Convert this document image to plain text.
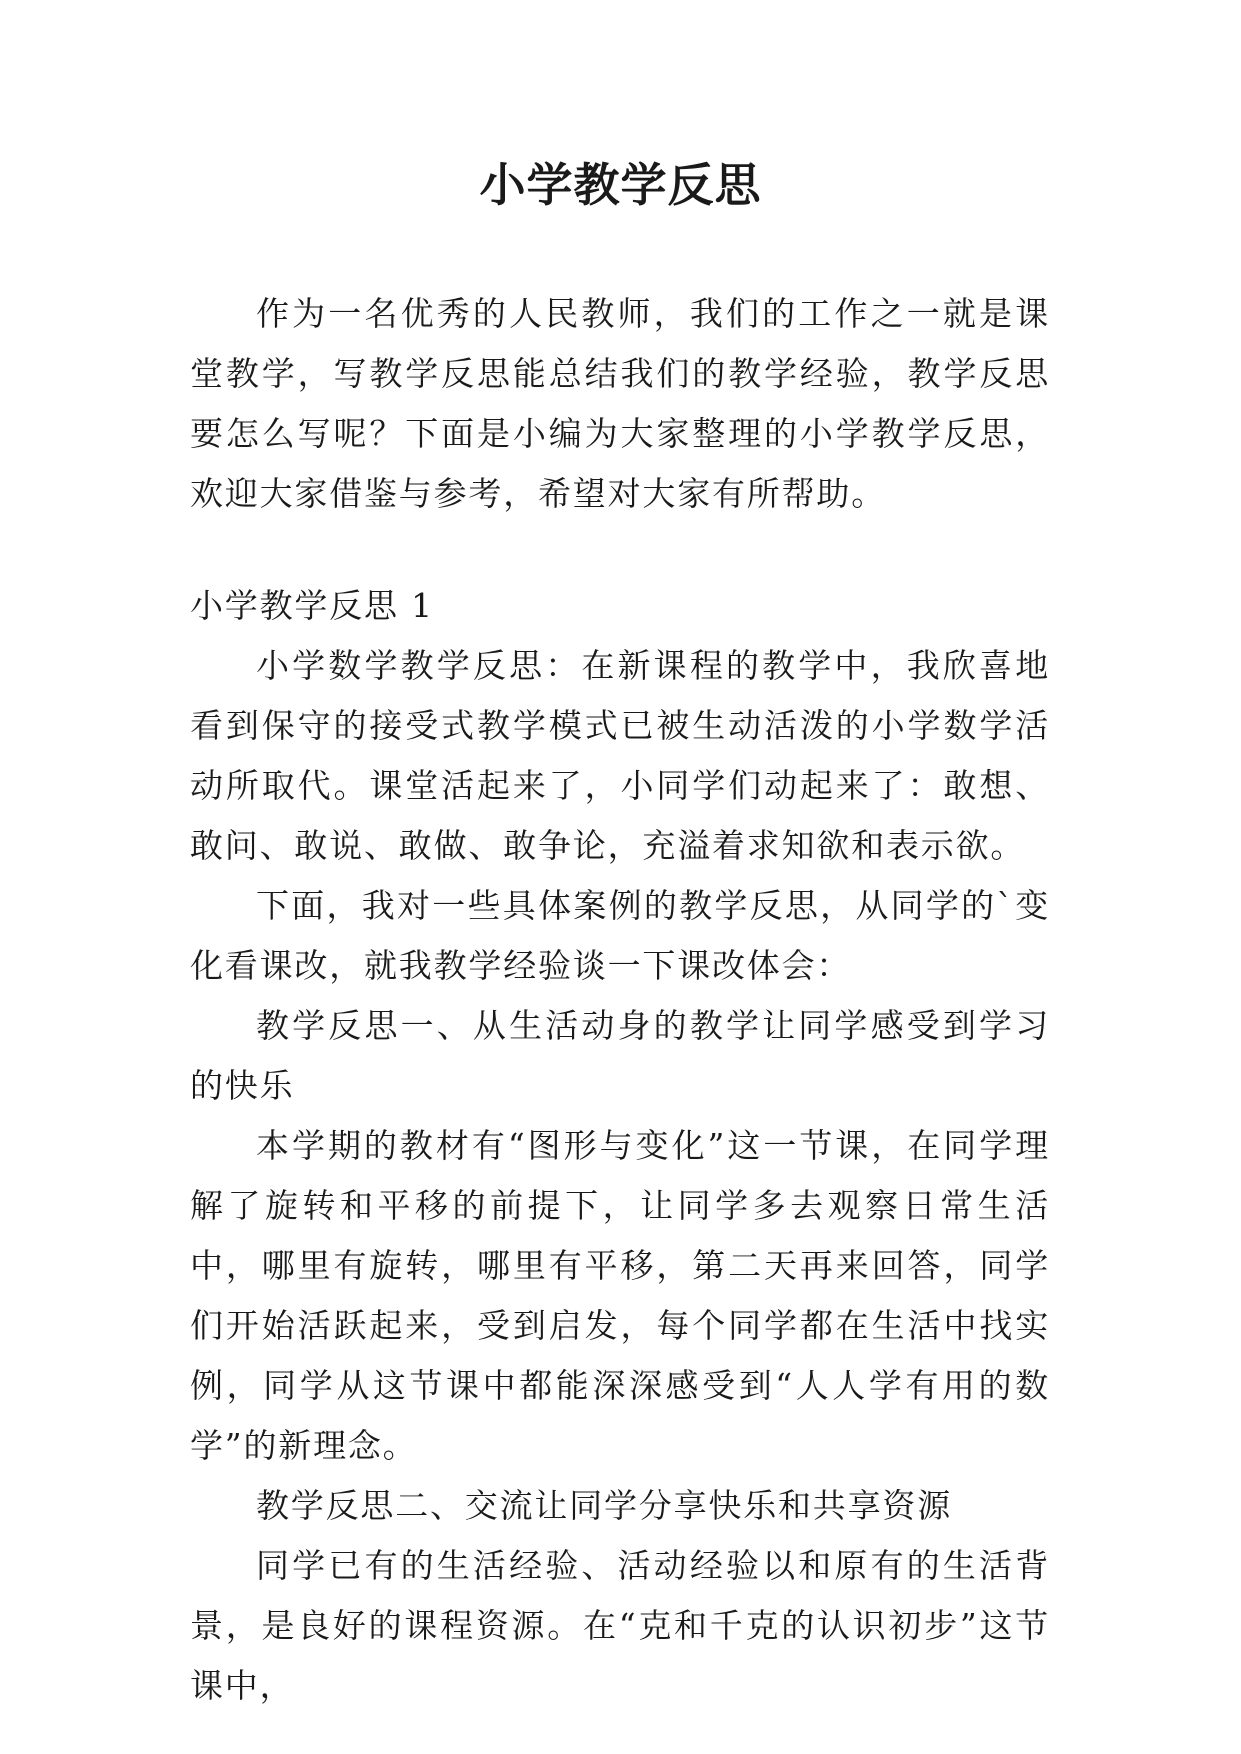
小学教学反思

作为一名优秀的人民教师，我们的工作之一就是课堂教学，写教学反思能总结我们的教学经验，教学反思要怎么写呢？下面是小编为大家整理的小学教学反思，欢迎大家借鉴与参考，希望对大家有所帮助。

小学教学反思 1

小学数学教学反思：在新课程的教学中，我欣喜地看到保守的接受式教学模式已被生动活泼的小学数学活动所取代。课堂活起来了，小同学们动起来了：敢想、敢问、敢说、敢做、敢争论，充溢着求知欲和表示欲。

下面，我对一些具体案例的教学反思，从同学的`变化看课改，就我教学经验谈一下课改体会：

教学反思一、从生活动身的教学让同学感受到学习的快乐

本学期的教材有“图形与变化”这一节课，在同学理解了旋转和平移的前提下，让同学多去观察日常生活中，哪里有旋转，哪里有平移，第二天再来回答，同学们开始活跃起来，受到启发，每个同学都在生活中找实例，同学从这节课中都能深深感受到“人人学有用的数学”的新理念。

教学反思二、交流让同学分享快乐和共享资源

同学已有的生活经验、活动经验以和原有的生活背景，是良好的课程资源。在“克和千克的认识初步”这节课中，
